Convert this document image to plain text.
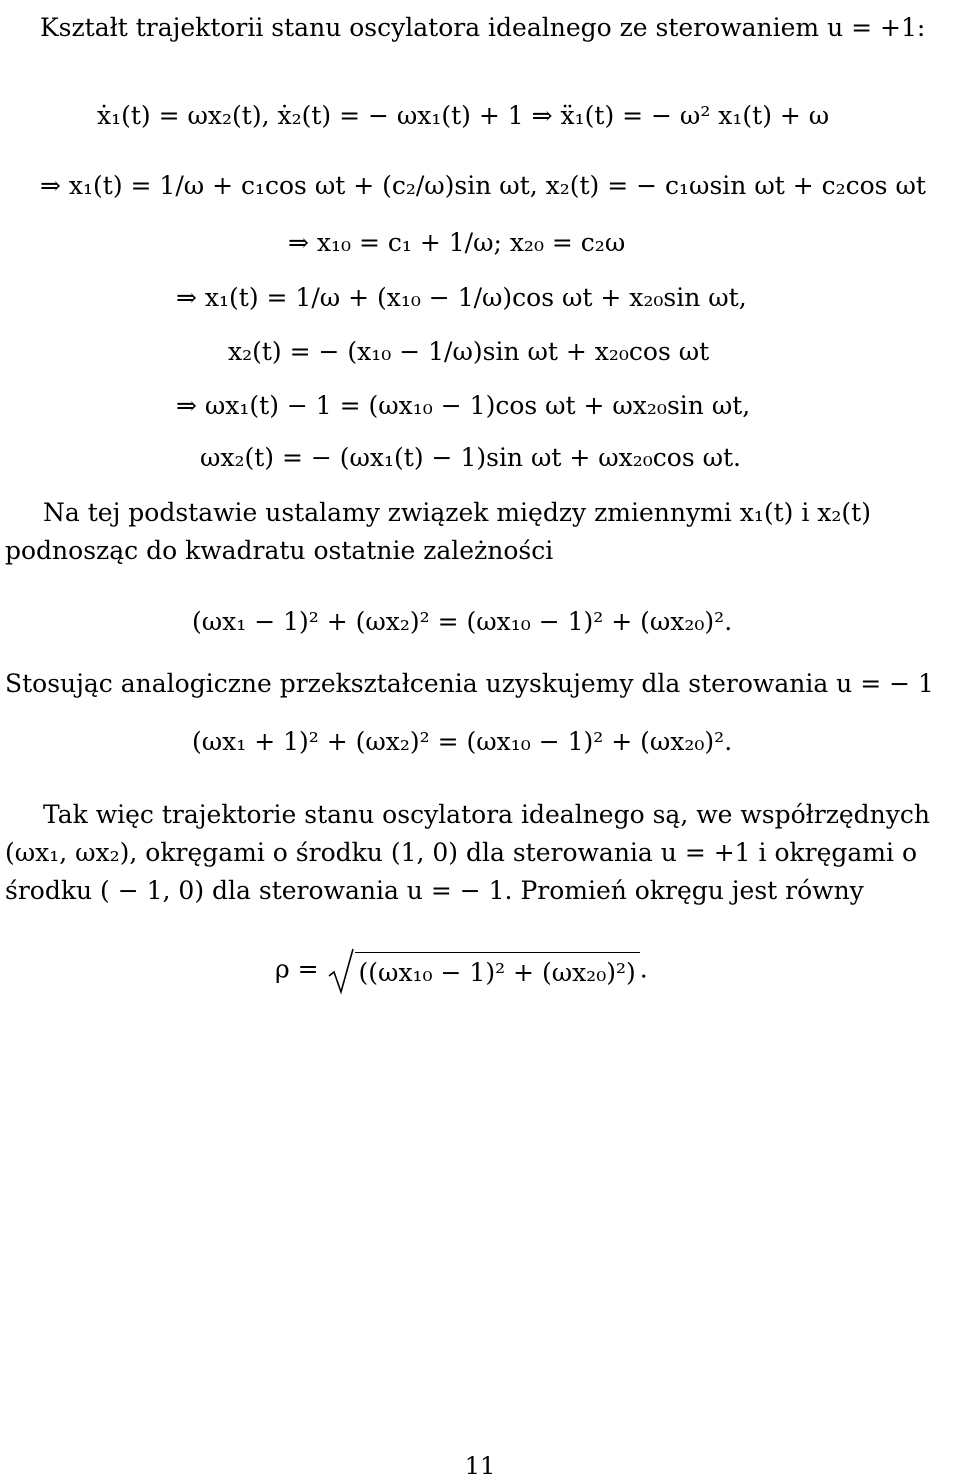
Kształt trajektorii stanu oscylatora idealnego ze sterowaniem u = +1:
ẋ₁(t) = ωx₂(t), ẋ₂(t) = − ωx₁(t) + 1 ⇒ ẍ₁(t) = − ω² x₁(t) + ω
⇒ x₁(t) = 1/ω + c₁cos ωt + (c₂/ω)sin ωt, x₂(t) = − c₁ωsin ωt + c₂cos ωt
⇒ x₁₀ = c₁ + 1/ω; x₂₀ = c₂ω
⇒ x₁(t) = 1/ω + (x₁₀ − 1/ω)cos ωt + x₂₀sin ωt,
x₂(t) = − (x₁₀ − 1/ω)sin ωt + x₂₀cos ωt
⇒ ωx₁(t) − 1 = (ωx₁₀ − 1)cos ωt + ωx₂₀sin ωt,
ωx₂(t) = − (ωx₁(t) − 1)sin ωt + ωx₂₀cos ωt.
Na tej podstawie ustalamy związek między zmiennymi x₁(t) i x₂(t) podnosząc do kwadratu ostatnie zależności
(ωx₁ − 1)² + (ωx₂)² = (ωx₁₀ − 1)² + (ωx₂₀)².
Stosując analogiczne przekształcenia uzyskujemy dla sterowania u = − 1
(ωx₁ + 1)² + (ωx₂)² = (ωx₁₀ − 1)² + (ωx₂₀)².
Tak więc trajektorie stanu oscylatora idealnego są, we współrzędnych (ωx₁, ωx₂), okręgami o środku (1, 0) dla sterowania u = +1 i okręgami o środku ( − 1, 0) dla sterowania u = − 1. Promień okręgu jest równy
ρ = ((ωx₁₀ − 1)² + (ωx₂₀)²) .
11
